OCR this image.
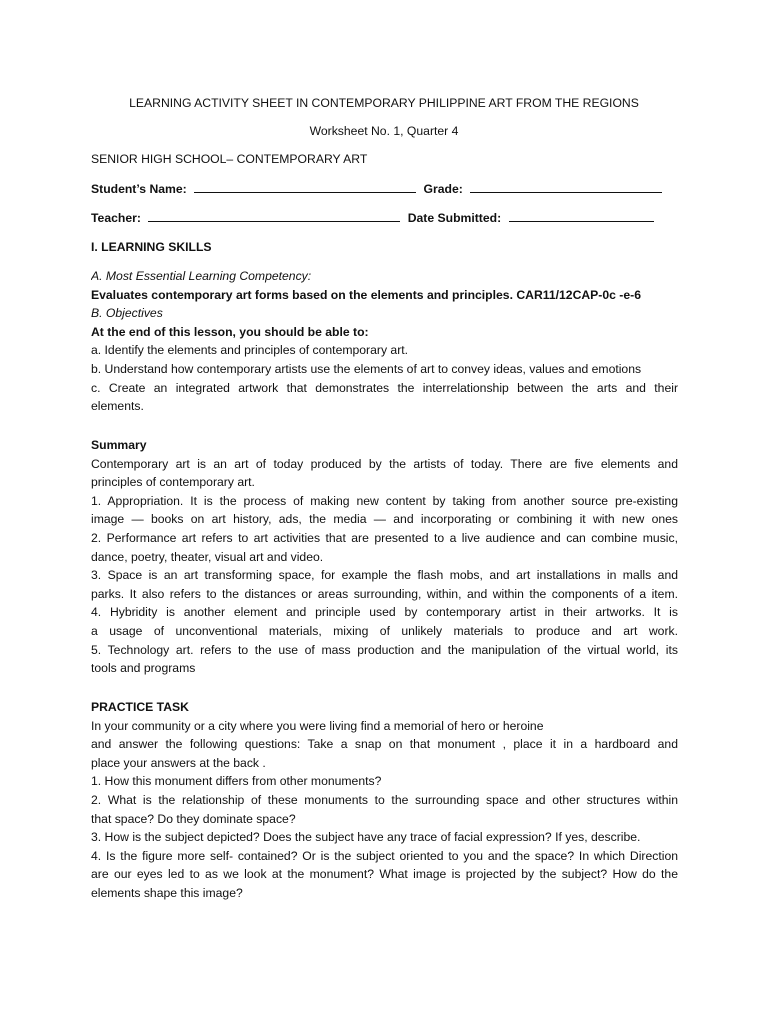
LEARNING ACTIVITY SHEET IN CONTEMPORARY PHILIPPINE ART FROM THE REGIONS
Worksheet No. 1, Quarter 4
SENIOR HIGH SCHOOL– CONTEMPORARY ART
Student’s Name:	Grade:
Teacher:	Date Submitted:
I. LEARNING SKILLS
A. Most Essential Learning Competency:
Evaluates contemporary art forms based on the elements and principles. CAR11/12CAP-0c -e-6
B. Objectives
At the end of this lesson, you should be able to:
a. Identify the elements and principles of contemporary art.
b. Understand how contemporary artists use the elements of art to convey ideas, values and emotions
c. Create an integrated artwork that demonstrates the interrelationship between the arts and their
elements.
Summary
Contemporary art is an art of today produced by the artists of today. There are five elements and
principles of contemporary art.
1. Appropriation. It is the process of making new content by taking from another source pre-existing
image — books on art history, ads, the media — and incorporating or combining it with new ones
2. Performance art refers to art activities that are presented to a live audience and can combine music,
dance, poetry, theater, visual art and video.
3. Space is an art transforming space, for example the flash mobs, and art installations in malls and
parks. It also refers to the distances or areas surrounding, within, and within the components of a item.
4. Hybridity is another element and principle used by contemporary artist in their artworks. It is
a usage of unconventional materials, mixing of unlikely materials to produce and art work.
5. Technology art. refers to the use of mass production and the manipulation of the virtual world, its
tools and programs
PRACTICE TASK
In your community or a city where you were living find a memorial of hero or heroine
and answer the following questions: Take a snap on that monument , place it in a hardboard and
place your answers at the back .
1. How this monument differs from other monuments?
2. What is the relationship of these monuments to the surrounding space and other structures within
that space? Do they dominate space?
3. How is the subject depicted? Does the subject have any trace of facial expression? If yes, describe.
4. Is the figure more self- contained? Or is the subject oriented to you and the space? In which Direction
are our eyes led to as we look at the monument? What image is projected by the subject? How do the
elements shape this image?
